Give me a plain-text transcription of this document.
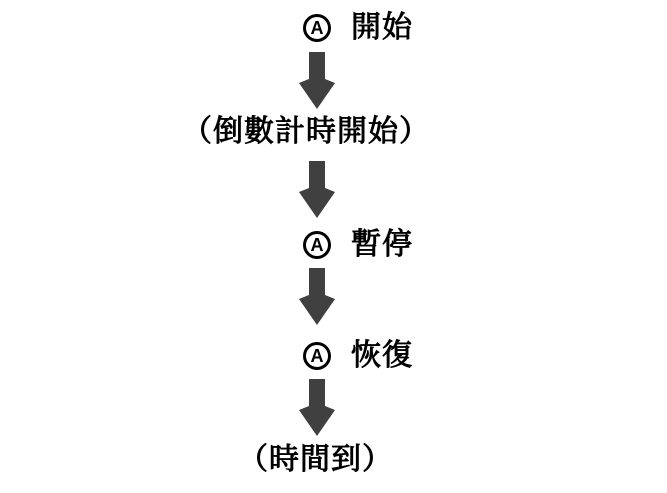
A 開始
（倒數計時開始）
A 暫停
A 恢復
（時間到）
